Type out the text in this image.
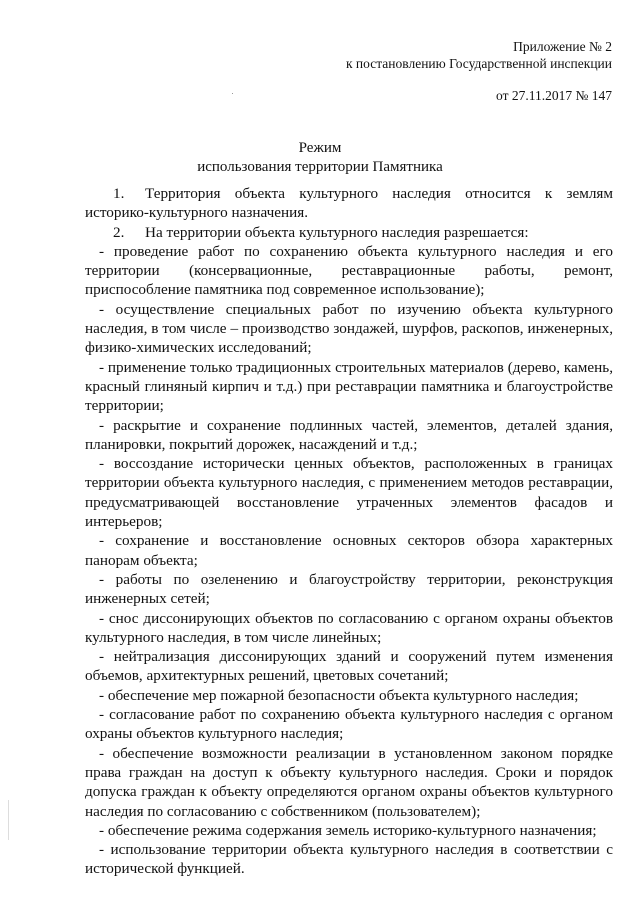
Приложение № 2
к постановлению Государственной инспекции
от 27.11.2017 № 147
Режим
использования территории Памятника

1. Территория объекта культурного наследия относится к землям историко-культурного назначения.

2. На территории объекта культурного наследия разрешается:

- проведение работ по сохранению объекта культурного наследия и его территории (консервационные, реставрационные работы, ремонт, приспособление памятника под современное использование);

- осуществление специальных работ по изучению объекта культурного наследия, в том числе – производство зондажей, шурфов, раскопов, инженерных, физико-химических исследований;

- применение только традиционных строительных материалов (дерево, камень, красный глиняный кирпич и т.д.) при реставрации памятника и благоустройстве территории;

- раскрытие и сохранение подлинных частей, элементов, деталей здания, планировки, покрытий дорожек, насаждений и т.д.;

- воссоздание исторически ценных объектов, расположенных в границах территории объекта культурного наследия, с применением методов реставрации, предусматривающей восстановление утраченных элементов фасадов и интерьеров;

- сохранение и восстановление основных секторов обзора характерных панорам объекта;

- работы по озеленению и благоустройству территории, реконструкция инженерных сетей;

- снос диссонирующих объектов по согласованию с органом охраны объектов культурного наследия, в том числе линейных;

- нейтрализация диссонирующих зданий и сооружений путем изменения объемов, архитектурных решений, цветовых сочетаний;

- обеспечение мер пожарной безопасности объекта культурного наследия;

- согласование работ по сохранению объекта культурного наследия с органом охраны объектов культурного наследия;

- обеспечение возможности реализации в установленном законом порядке права граждан на доступ к объекту культурного наследия. Сроки и порядок допуска граждан к объекту определяются органом охраны объектов культурного наследия по согласованию с собственником (пользователем);

- обеспечение режима содержания земель историко-культурного назначения;

- использование территории объекта культурного наследия в соответствии с исторической функцией.
